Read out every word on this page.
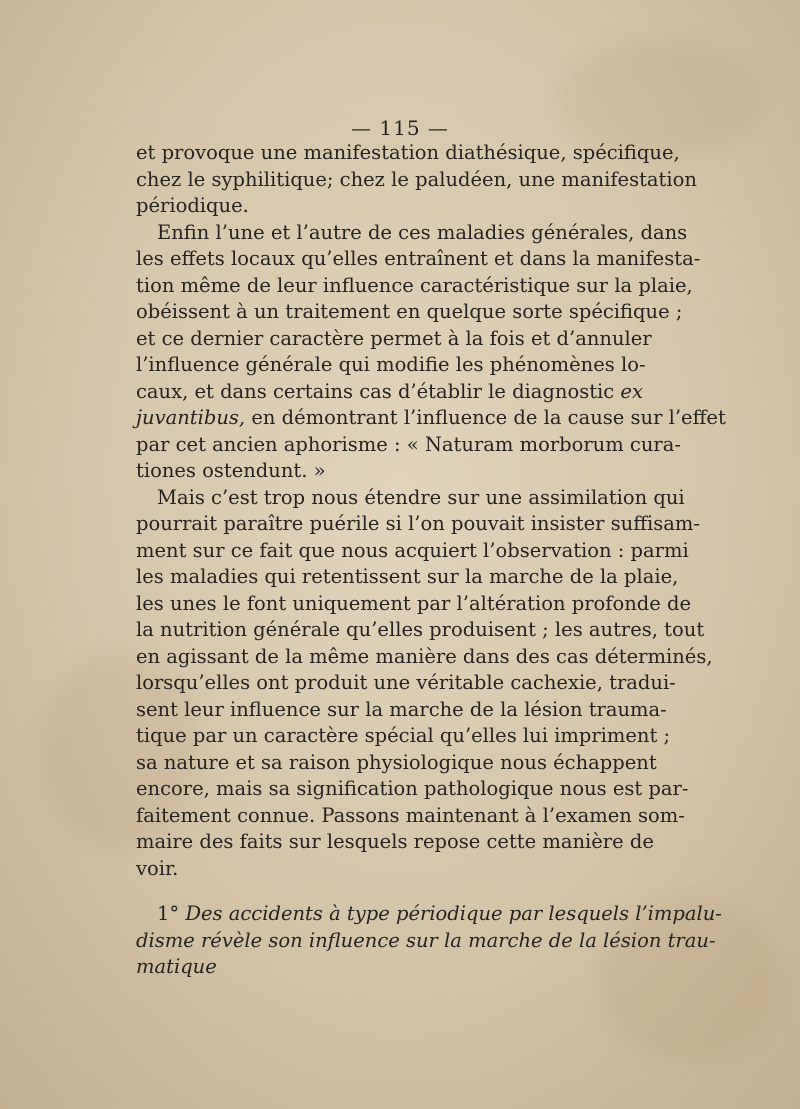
— 115 —
et provoque une manifestation diathésique, spécifique,
chez le syphilitique; chez le paludéen, une manifestation
périodique.
Enfin l’une et l’autre de ces maladies générales, dans
les effets locaux qu’elles entraînent et dans la manifesta-
tion même de leur influence caractéristique sur la plaie,
obéissent à un traitement en quelque sorte spécifique ;
et ce dernier caractère permet à la fois et d’annuler
l’influence générale qui modifie les phénomènes lo-
caux, et dans certains cas d’établir le diagnostic ex
juvantibus, en démontrant l’influence de la cause sur l’effet
par cet ancien aphorisme : « Naturam morborum cura-
tiones ostendunt. »
Mais c’est trop nous étendre sur une assimilation qui
pourrait paraître puérile si l’on pouvait insister suffisam-
ment sur ce fait que nous acquiert l’observation : parmi
les maladies qui retentissent sur la marche de la plaie,
les unes le font uniquement par l’altération profonde de
la nutrition générale qu’elles produisent ; les autres, tout
en agissant de la même manière dans des cas déterminés,
lorsqu’elles ont produit une véritable cachexie, tradui-
sent leur influence sur la marche de la lésion trauma-
tique par un caractère spécial qu’elles lui impriment ;
sa nature et sa raison physiologique nous échappent
encore, mais sa signification pathologique nous est par-
faitement connue. Passons maintenant à l’examen som-
maire des faits sur lesquels repose cette manière de
voir.
1° Des accidents à type périodique par lesquels l’impalu-
disme révèle son influence sur la marche de la lésion trau-
matique
